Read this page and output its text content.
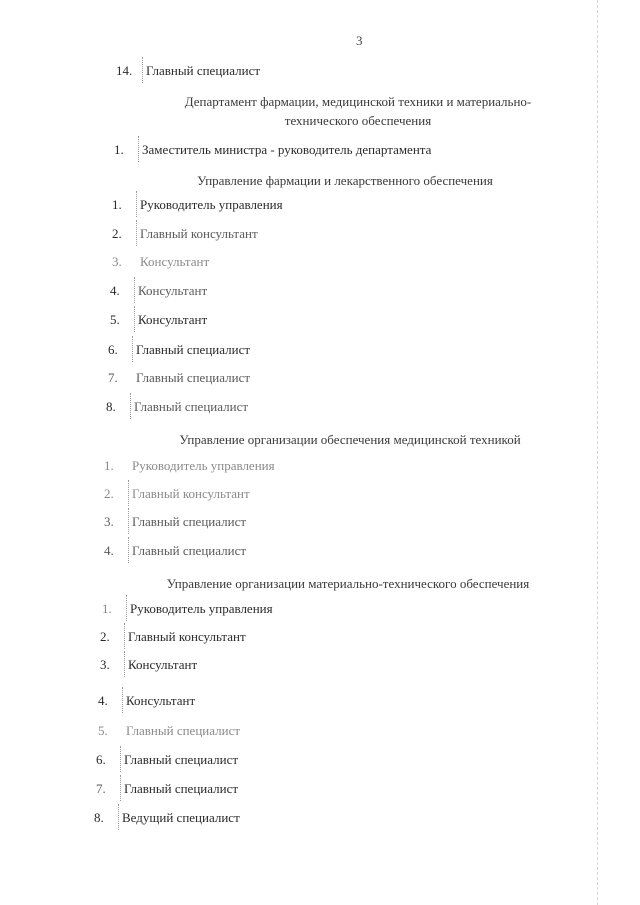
3
14.	Главный специалист
Департамент фармации, медицинской техники и материально-
технического обеспечения
1.	Заместитель министра - руководитель департамента
Управление фармации и лекарственного обеспечения
1.	Руководитель управления
2.	Главный консультант
3.	Консультант
4.	Консультант
5.	Консультант
6.	Главный специалист
7.	Главный специалист
8.	Главный специалист
Управление организации обеспечения медицинской техникой
1.	Руководитель управления
2.	Главный консультант
3.	Главный специалист
4.	Главный специалист
Управление организации материально-технического обеспечения
1.	Руководитель управления
2.	Главный консультант
3.	Консультант
4.	Консультант
5.	Главный специалист
6.	Главный специалист
7.	Главный специалист
8.	Ведущий специалист
